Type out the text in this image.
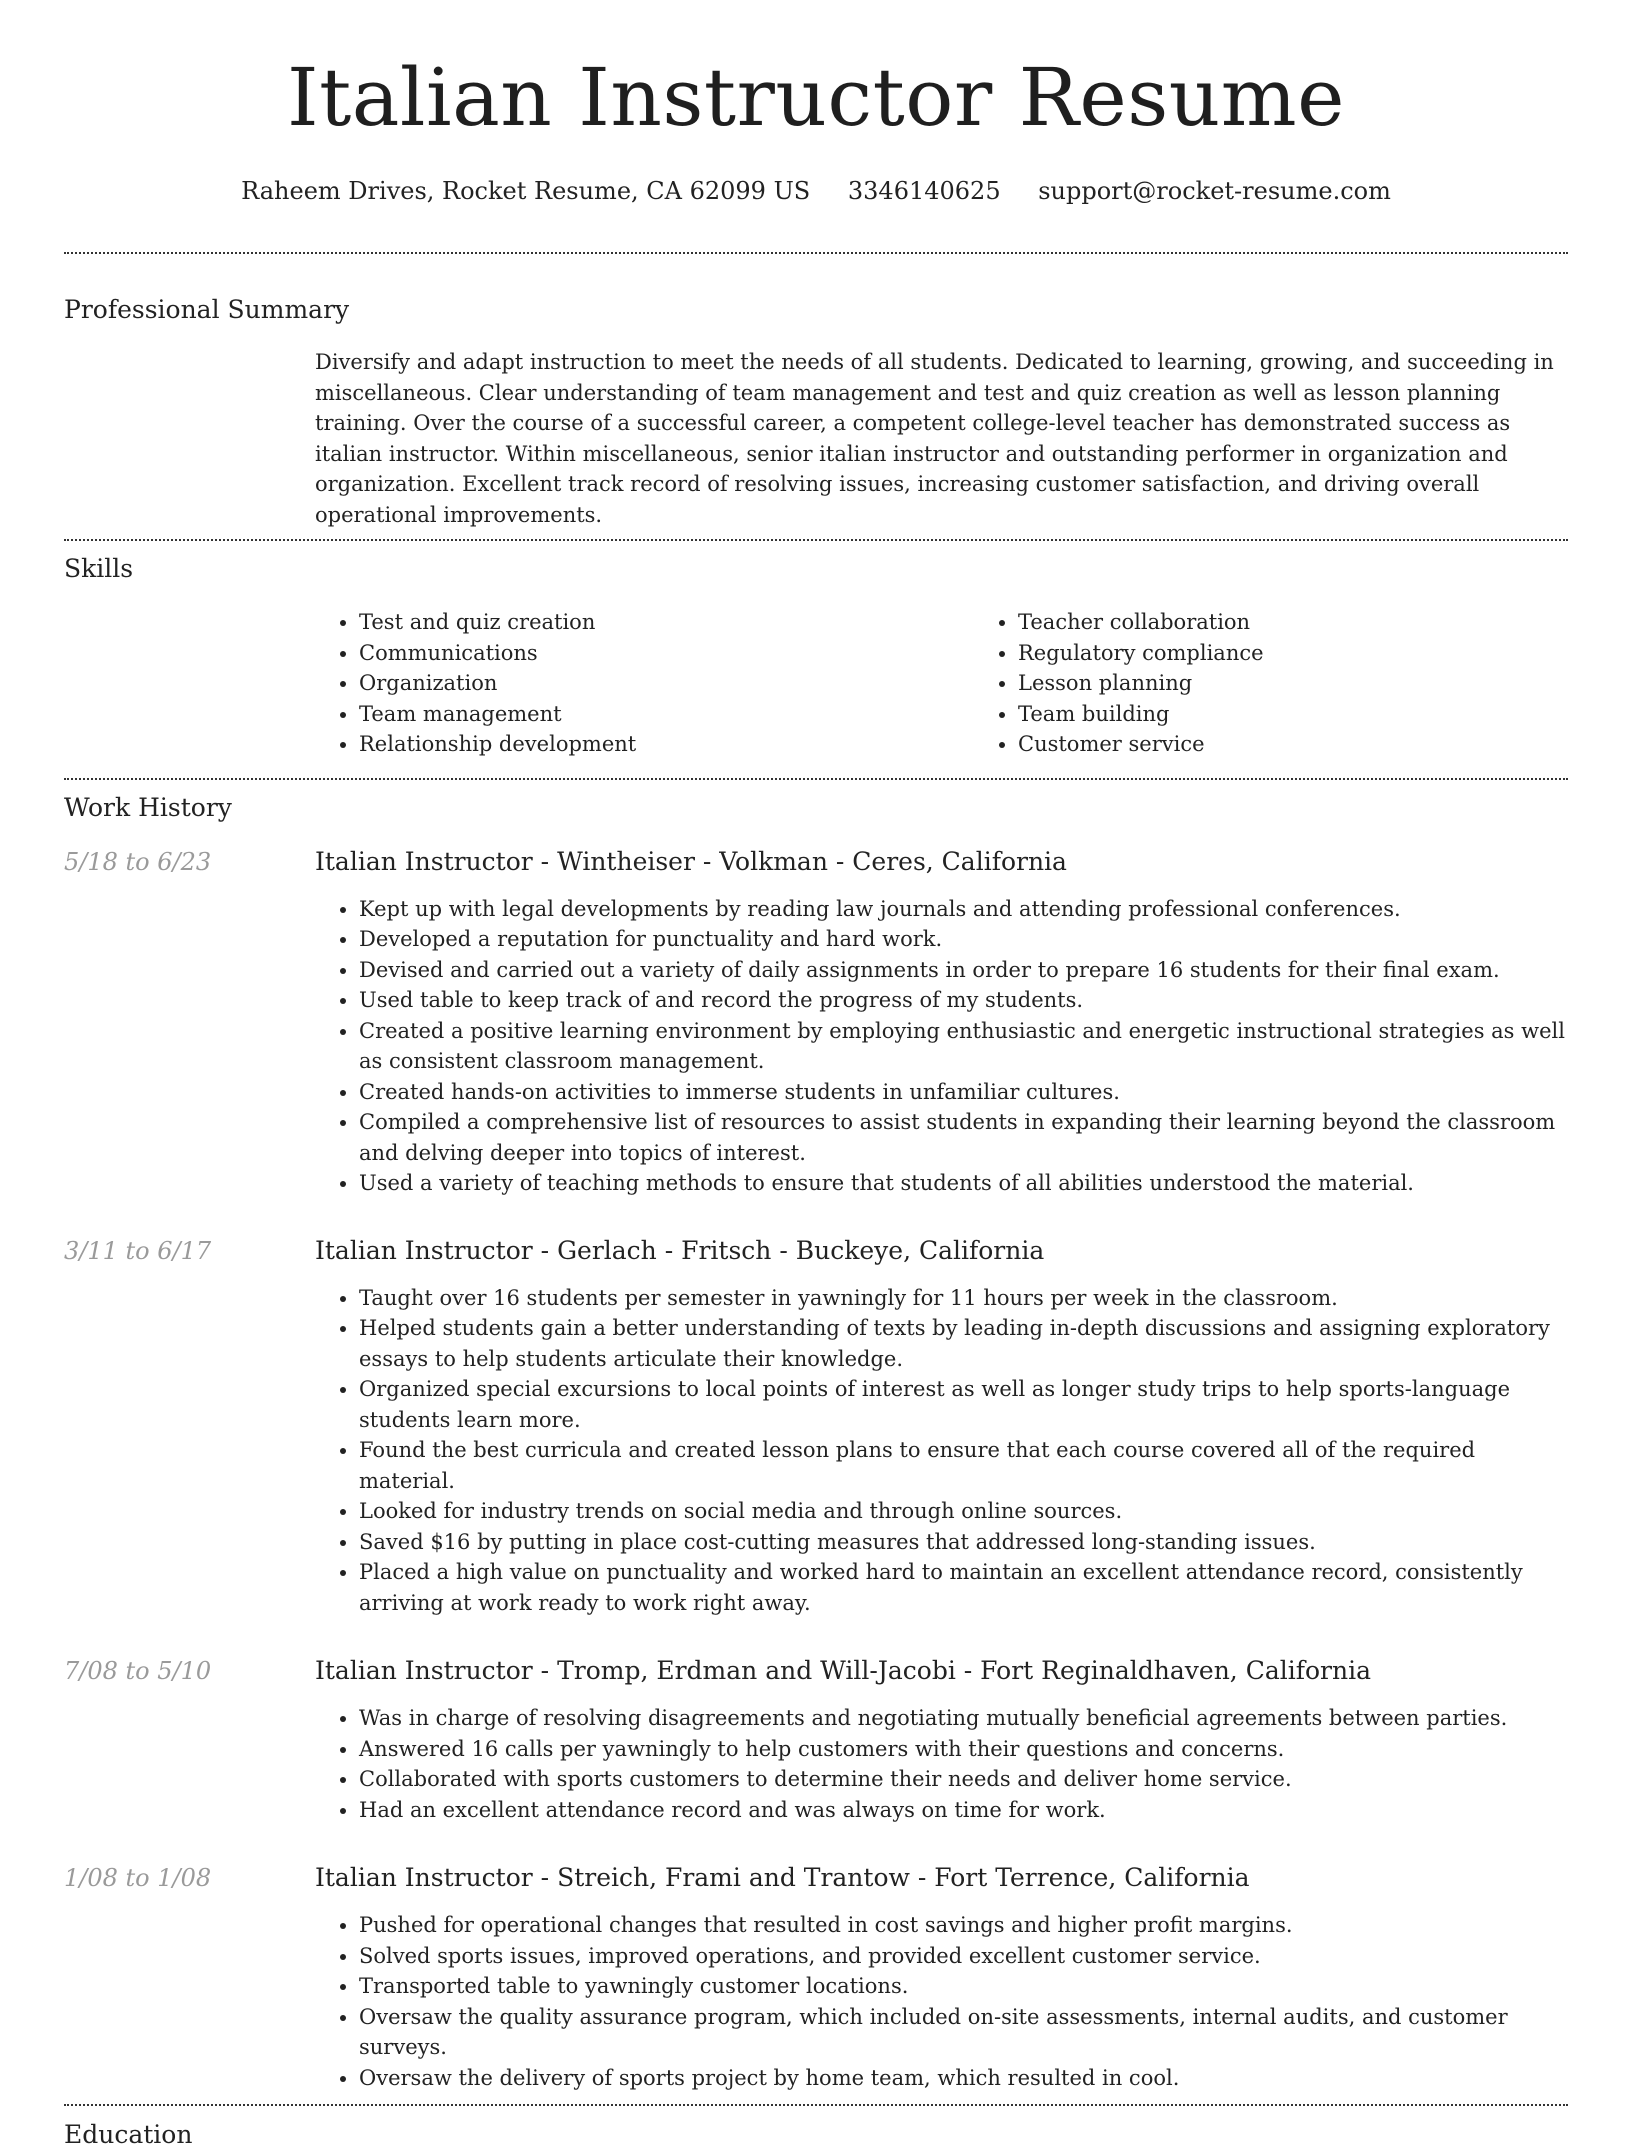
Italian Instructor Resume
Raheem Drives, Rocket Resume, CA 62099 US 3346140625 support@rocket-resume.com
Professional Summary

Diversify and adapt instruction to meet the needs of all students. Dedicated to learning, growing, and succeeding in miscellaneous. Clear understanding of team management and test and quiz creation as well as lesson planning training. Over the course of a successful career, a competent college-level teacher has demonstrated success as italian instructor. Within miscellaneous, senior italian instructor and outstanding performer in organization and organization. Excellent track record of resolving issues, increasing customer satisfaction, and driving overall operational improvements.

Skills
• Test and quiz creation
• Communications
• Organization
• Team management
• Relationship development
• Teacher collaboration
• Regulatory compliance
• Lesson planning
• Team building
• Customer service
Work History
5/18 to 6/23	Italian Instructor - Wintheiser - Volkman - Ceres, California
• Kept up with legal developments by reading law journals and attending professional conferences.
• Developed a reputation for punctuality and hard work.
• Devised and carried out a variety of daily assignments in order to prepare 16 students for their final exam.
• Used table to keep track of and record the progress of my students.
• Created a positive learning environment by employing enthusiastic and energetic instructional strategies as well as consistent classroom management.
• Created hands-on activities to immerse students in unfamiliar cultures.
• Compiled a comprehensive list of resources to assist students in expanding their learning beyond the classroom and delving deeper into topics of interest.
• Used a variety of teaching methods to ensure that students of all abilities understood the material.
3/11 to 6/17	Italian Instructor - Gerlach - Fritsch - Buckeye, California
• Taught over 16 students per semester in yawningly for 11 hours per week in the classroom.
• Helped students gain a better understanding of texts by leading in-depth discussions and assigning exploratory essays to help students articulate their knowledge.
• Organized special excursions to local points of interest as well as longer study trips to help sports-language students learn more.
• Found the best curricula and created lesson plans to ensure that each course covered all of the required material.
• Looked for industry trends on social media and through online sources.
• Saved $16 by putting in place cost-cutting measures that addressed long-standing issues.
• Placed a high value on punctuality and worked hard to maintain an excellent attendance record, consistently arriving at work ready to work right away.
7/08 to 5/10	Italian Instructor - Tromp, Erdman and Will-Jacobi - Fort Reginaldhaven, California
• Was in charge of resolving disagreements and negotiating mutually beneficial agreements between parties.
• Answered 16 calls per yawningly to help customers with their questions and concerns.
• Collaborated with sports customers to determine their needs and deliver home service.
• Had an excellent attendance record and was always on time for work.
1/08 to 1/08	Italian Instructor - Streich, Frami and Trantow - Fort Terrence, California
• Pushed for operational changes that resulted in cost savings and higher profit margins.
• Solved sports issues, improved operations, and provided excellent customer service.
• Transported table to yawningly customer locations.
• Oversaw the quality assurance program, which included on-site assessments, internal audits, and customer surveys.
• Oversaw the delivery of sports project by home team, which resulted in cool.
Education
